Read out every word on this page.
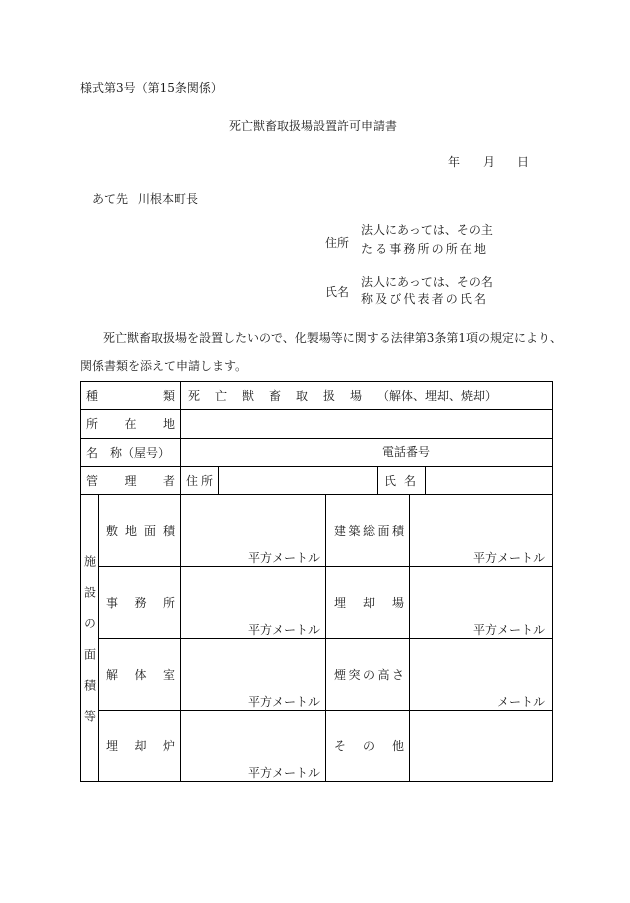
様式第3号（第15条関係）
死亡獣畜取扱場設置許可申請書
年 月 日
あて先 川根本町長
住所
法人にあっては、その主
たる事務所の所在地
氏名
法人にあっては、その名
称及び代表者の氏名
死亡獣畜取扱場を設置したいので、化製場等に関する法律第3条第1項の規定により、
関係書類を添えて申請します。
種類 死亡獣畜取扱場 （解体、埋却、焼却）
所在地
名　称（屋号）	電話番号
管理者 住所	氏名
施設の面積等
敷地面積
平方メートル
建築総面積
平方メートル
事務所
平方メートル
埋却場
平方メートル
解体室
平方メートル
煙突の高さ
メートル
埋却炉
平方メートル
その他
